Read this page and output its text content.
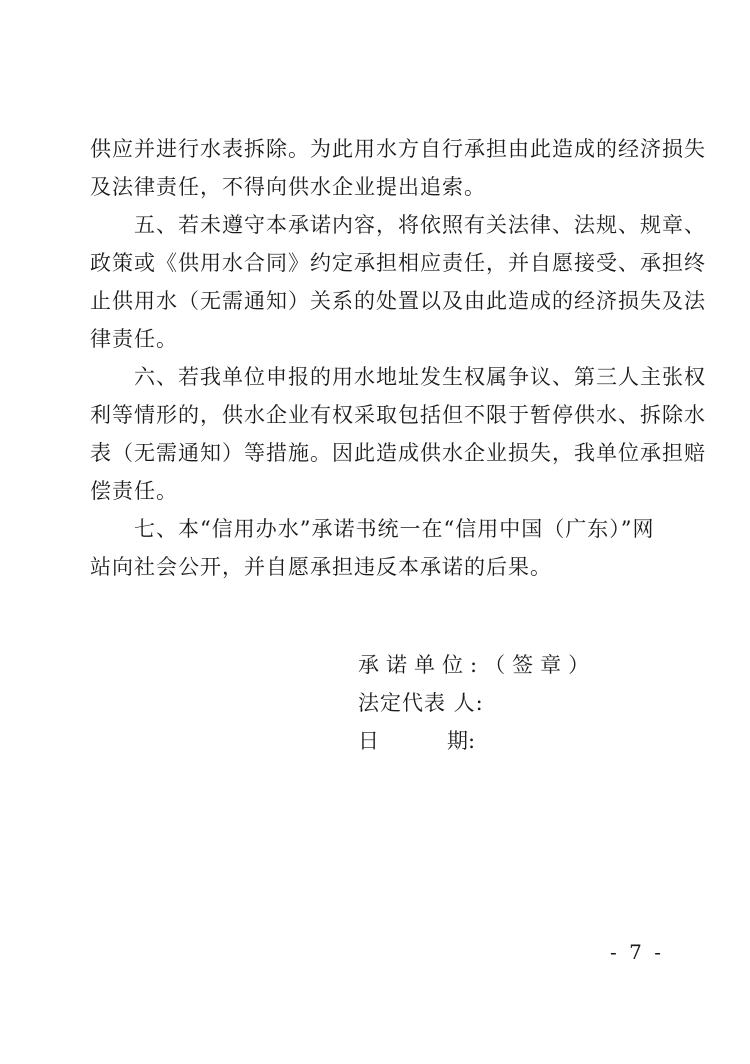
供应并进行水表拆除。为此用水方自行承担由此造成的经济损失
及法律责任，不得向供水企业提出追索。

五、若未遵守本承诺内容，将依照有关法律、法规、规章、
政策或《供用水合同》约定承担相应责任，并自愿接受、承担终
止供用水（无需通知）关系的处置以及由此造成的经济损失及法
律责任。

六、若我单位申报的用水地址发生权属争议、第三人主张权
利等情形的，供水企业有权采取包括但不限于暂停供水、拆除水
表（无需通知）等措施。因此造成供水企业损失，我单位承担赔
偿责任。

七、本“信用办水”承诺书统一在“信用中国（广东）”网
站向社会公开，并自愿承担违反本承诺的后果。

承诺单位:（签章）

法定代表 人:

日	期:

- 7 -
